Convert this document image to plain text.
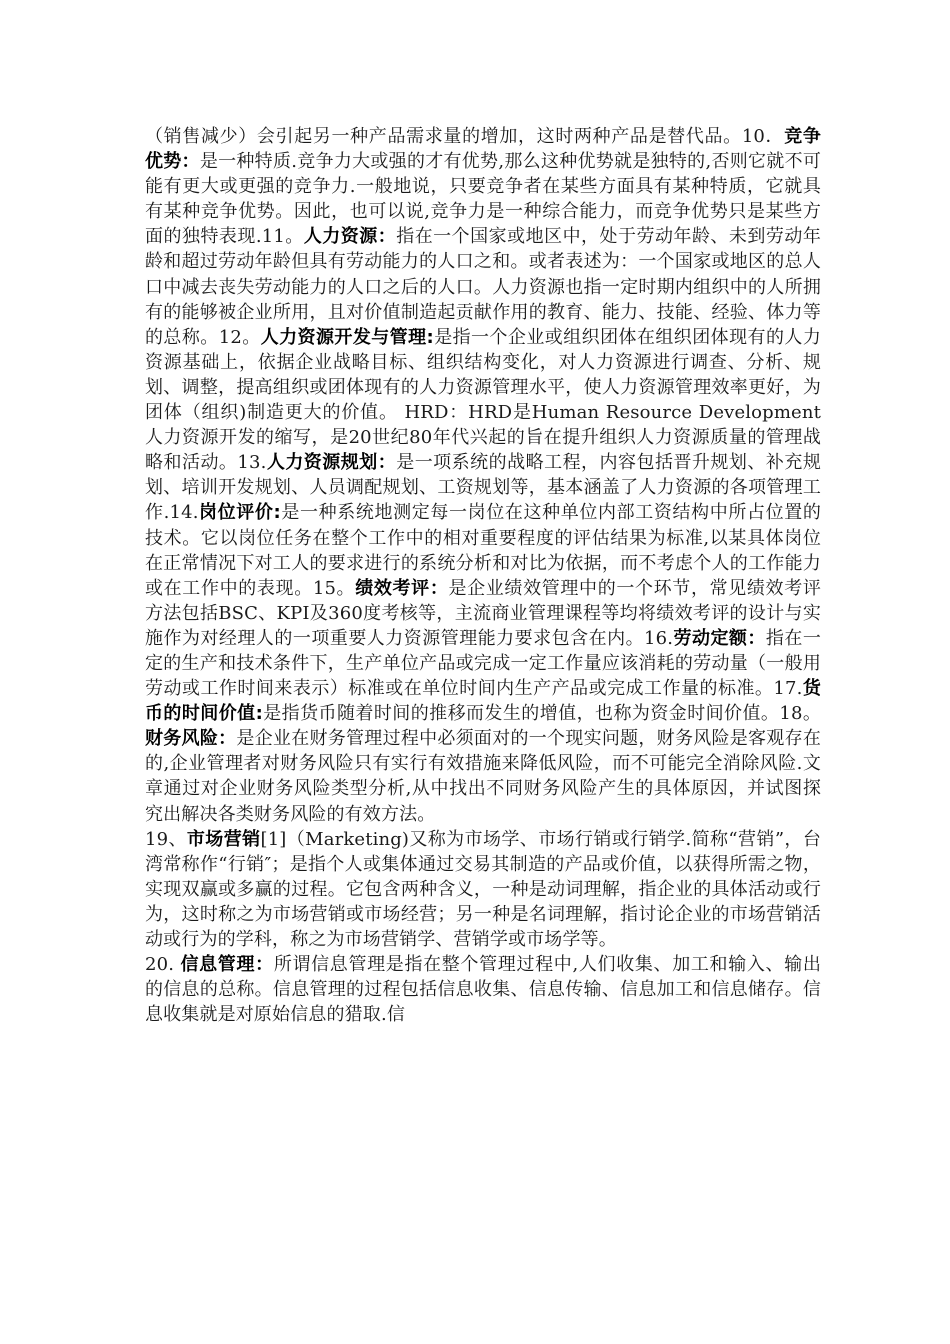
（销售减少）会引起另一种产品需求量的增加，这时两种产品是替代品。10．竞争优势：是一种特质.竞争力大或强的才有优势,那么这种优势就是独特的,否则它就不可能有更大或更强的竞争力.一般地说，只要竞争者在某些方面具有某种特质，它就具有某种竞争优势。因此，也可以说,竞争力是一种综合能力，而竞争优势只是某些方面的独特表现.11。人力资源：指在一个国家或地区中，处于劳动年龄、未到劳动年龄和超过劳动年龄但具有劳动能力的人口之和。或者表述为：一个国家或地区的总人口中减去丧失劳动能力的人口之后的人口。人力资源也指一定时期内组织中的人所拥有的能够被企业所用，且对价值制造起贡献作用的教育、能力、技能、经验、体力等的总称。12。人力资源开发与管理:是指一个企业或组织团体在组织团体现有的人力资源基础上，依据企业战略目标、组织结构变化，对人力资源进行调查、分析、规划、调整，提高组织或团体现有的人力资源管理水平，使人力资源管理效率更好，为团体（组织)制造更大的价值。 HRD：HRD是Human Resource Development人力资源开发的缩写，是20世纪80年代兴起的旨在提升组织人力资源质量的管理战略和活动。13.人力资源规划：是一项系统的战略工程，内容包括晋升规划、补充规划、培训开发规划、人员调配规划、工资规划等，基本涵盖了人力资源的各项管理工作.14.岗位评价:是一种系统地测定每一岗位在这种单位内部工资结构中所占位置的技术。它以岗位任务在整个工作中的相对重要程度的评估结果为标准,以某具体岗位在正常情况下对工人的要求进行的系统分析和对比为依据，而不考虑个人的工作能力或在工作中的表现。15。绩效考评：是企业绩效管理中的一个环节，常见绩效考评方法包括BSC、KPI及360度考核等，主流商业管理课程等均将绩效考评的设计与实施作为对经理人的一项重要人力资源管理能力要求包含在内。16.劳动定额：指在一定的生产和技术条件下，生产单位产品或完成一定工作量应该消耗的劳动量（一般用劳动或工作时间来表示）标准或在单位时间内生产产品或完成工作量的标准。17.货币的时间价值:是指货币随着时间的推移而发生的增值，也称为资金时间价值。18。财务风险：是企业在财务管理过程中必须面对的一个现实问题，财务风险是客观存在的,企业管理者对财务风险只有实行有效措施来降低风险，而不可能完全消除风险.文章通过对企业财务风险类型分析,从中找出不同财务风险产生的具体原因，并试图探究出解决各类财务风险的有效方法。

19、市场营销[1]（Marketing)又称为市场学、市场行销或行销学.简称“营销”，台湾常称作“行销″；是指个人或集体通过交易其制造的产品或价值，以获得所需之物，实现双赢或多赢的过程。它包含两种含义，一种是动词理解，指企业的具体活动或行为，这时称之为市场营销或市场经营；另一种是名词理解，指讨论企业的市场营销活动或行为的学科，称之为市场营销学、营销学或市场学等。

20. 信息管理：所谓信息管理是指在整个管理过程中,人们收集、加工和输入、输出的信息的总称。信息管理的过程包括信息收集、信息传输、信息加工和信息储存。信息收集就是对原始信息的猎取.信
